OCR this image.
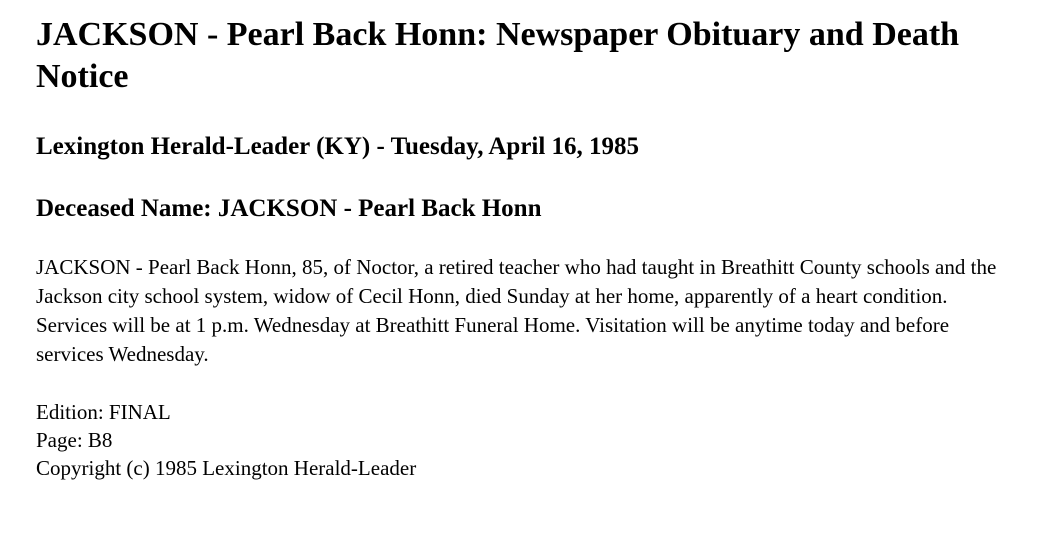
JACKSON - Pearl Back Honn: Newspaper Obituary and Death Notice
Lexington Herald-Leader (KY) - Tuesday, April 16, 1985
Deceased Name: JACKSON - Pearl Back Honn

JACKSON - Pearl Back Honn, 85, of Noctor, a retired teacher who had taught in Breathitt County schools and the Jackson city school system, widow of Cecil Honn, died Sunday at her home, apparently of a heart condition. Services will be at 1 p.m. Wednesday at Breathitt Funeral Home. Visitation will be anytime today and before services Wednesday.

Edition: FINAL
Page: B8
Copyright (c) 1985 Lexington Herald-Leader
